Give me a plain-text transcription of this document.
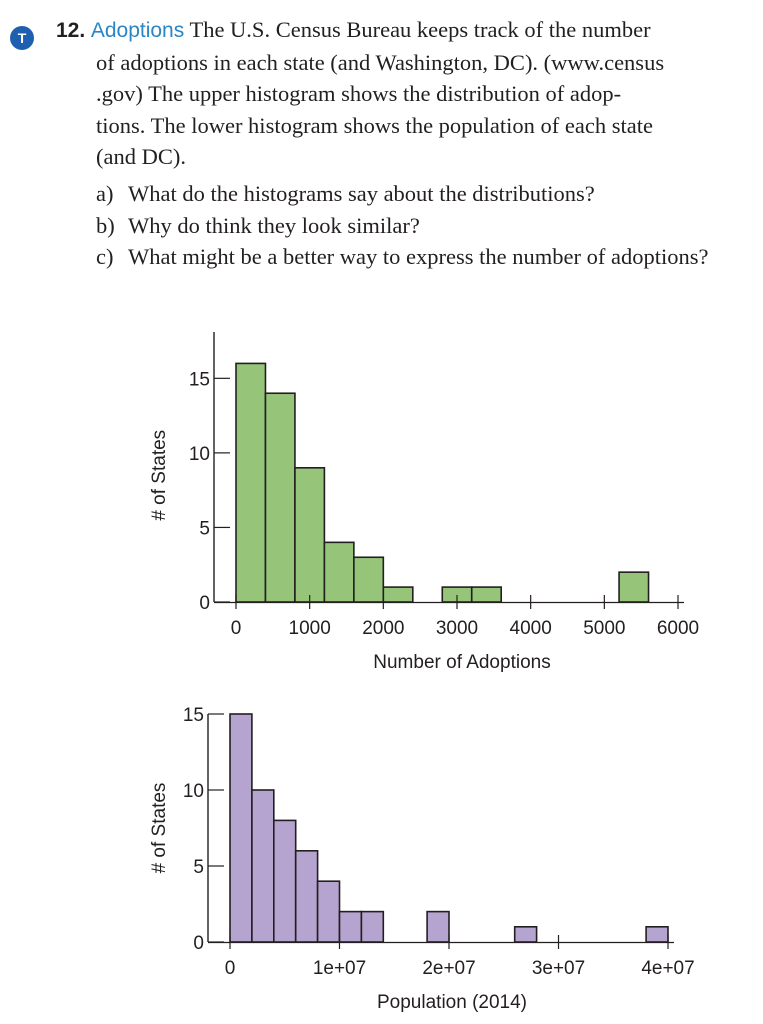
T	12. Adoptions The U.S. Census Bureau keeps track of the number
of adoptions in each state (and Washington, DC). (www.census
.gov) The upper histogram shows the distribution of adop-
tions. The lower histogram shows the population of each state
(and DC).
a) What do the histograms say about the distributions?
b) Why do think they look similar?
c) What might be a better way to express the number of adoptions?
0
5
10
15
0 1000 2000 3000 4000 5000 6000
Number of Adoptions
# of States
0
5
10
15
0	1e+07	2e+07	3e+07	4e+07
Population (2014)
# of States
